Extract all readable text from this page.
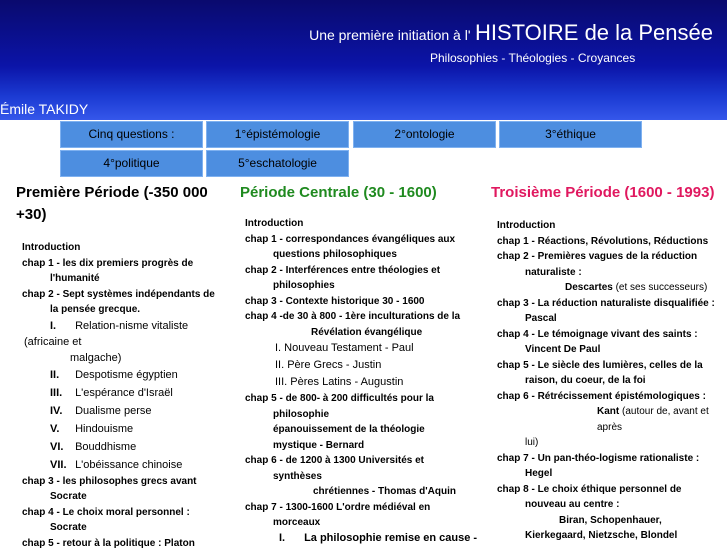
Une première initiation à l' HISTOIRE de la Pensée
Philosophies - Théologies - Croyances
Émile TAKIDY
Cinq questions :	1°épistémologie	2°ontologie	3°éthique
4°politique	5°eschatologie
Première Période (-350 000 +30)
Introduction
chap 1 - les dix premiers progrès de
l'humanité
chap 2 - Sept systèmes indépendants de
la pensée grecque.
I. Relation-nisme vitaliste
(africaine et
malgache)
II. Despotisme égyptien
III. L'espérance d'Israël
IV. Dualisme perse
V. Hindouisme
VI. Bouddhisme
VII. L'obéissance chinoise
chap 3 - les philosophes grecs avant
Socrate
chap 4 - Le choix moral personnel :
Socrate
chap 5 - retour à la politique : Platon
Période Centrale (30 - 1600)
Introduction
chap 1 - correspondances évangéliques aux
questions philosophiques
chap 2 - Interférences entre théologies et
philosophies
chap 3 - Contexte historique 30 - 1600
chap 4 -de 30 à 800 - 1ère inculturations de la
Révélation évangélique
I. Nouveau Testament - Paul
II. Père Grecs - Justin
III. Pères Latins - Augustin
chap 5 - de 800- à 200 difficultés pour la
philosophie
épanouissement de la théologie
mystique - Bernard
chap 6 - de 1200 à 1300 Universités et
synthèses
chrétiennes - Thomas d'Aquin
chap 7 - 1300-1600 L'ordre médiéval en
morceaux
I. La philosophie remise en cause -
Troisième Période (1600 - 1993)
Introduction
chap 1 - Réactions, Révolutions, Réductions
chap 2 - Premières vagues de la réduction
naturaliste :
Descartes (et ses successeurs)
chap 3 - La réduction naturaliste disqualifiée :
Pascal
chap 4 - Le témoignage vivant des saints :
Vincent De Paul
chap 5 - Le siècle des lumières, celles de la
raison, du coeur, de la foi
chap 6 - Rétrécissement épistémologiques :
Kant (autour de, avant et après
lui)
chap 7 - Un pan-théo-logisme rationaliste :
Hegel
chap 8 - Le choix éthique personnel de
nouveau au centre :
Biran, Schopenhauer,
Kierkegaard, Nietzsche, Blondel
